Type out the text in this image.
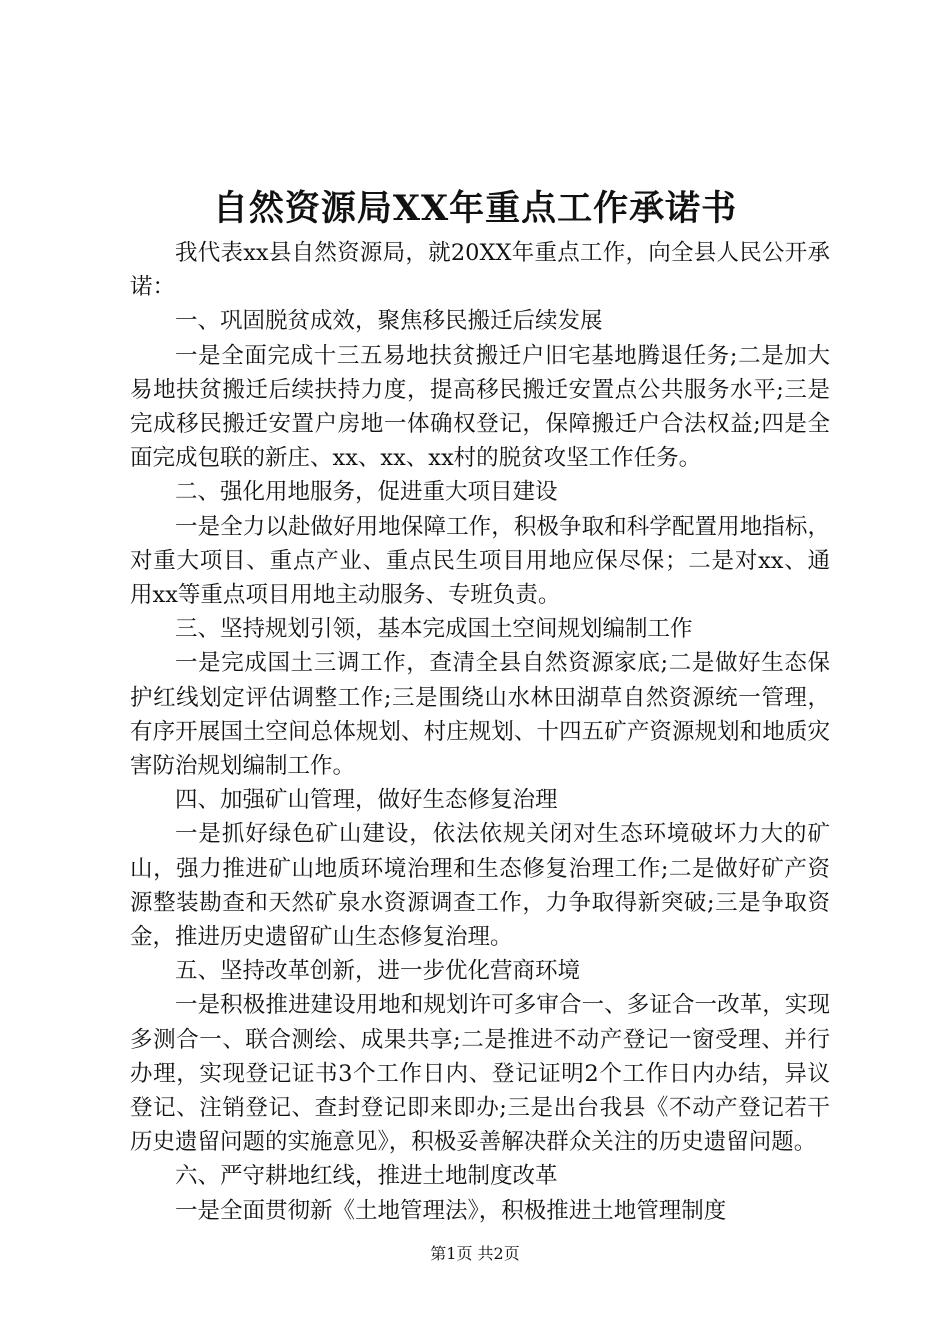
自然资源局XX年重点工作承诺书

我代表xx县自然资源局，就20XX年重点工作，向全县人民公开承诺：

一、巩固脱贫成效，聚焦移民搬迁后续发展

一是全面完成十三五易地扶贫搬迁户旧宅基地腾退任务;二是加大易地扶贫搬迁后续扶持力度，提高移民搬迁安置点公共服务水平;三是完成移民搬迁安置户房地一体确权登记，保障搬迁户合法权益;四是全面完成包联的新庄、xx、xx、xx村的脱贫攻坚工作任务。

二、强化用地服务，促进重大项目建设

一是全力以赴做好用地保障工作，积极争取和科学配置用地指标，对重大项目、重点产业、重点民生项目用地应保尽保；二是对xx、通用xx等重点项目用地主动服务、专班负责。

三、坚持规划引领，基本完成国土空间规划编制工作

一是完成国土三调工作，查清全县自然资源家底;二是做好生态保护红线划定评估调整工作;三是围绕山水林田湖草自然资源统一管理，有序开展国土空间总体规划、村庄规划、十四五矿产资源规划和地质灾害防治规划编制工作。

四、加强矿山管理，做好生态修复治理

一是抓好绿色矿山建设，依法依规关闭对生态环境破坏力大的矿山，强力推进矿山地质环境治理和生态修复治理工作;二是做好矿产资源整装勘查和天然矿泉水资源调查工作，力争取得新突破;三是争取资金，推进历史遗留矿山生态修复治理。

五、坚持改革创新，进一步优化营商环境

一是积极推进建设用地和规划许可多审合一、多证合一改革，实现多测合一、联合测绘、成果共享;二是推进不动产登记一窗受理、并行办理，实现登记证书3个工作日内、登记证明2个工作日内办结，异议登记、注销登记、查封登记即来即办;三是出台我县《不动产登记若干历史遗留问题的实施意见》，积极妥善解决群众关注的历史遗留问题。

六、严守耕地红线，推进土地制度改革

一是全面贯彻新《土地管理法》，积极推进土地管理制度

第1页 共2页
